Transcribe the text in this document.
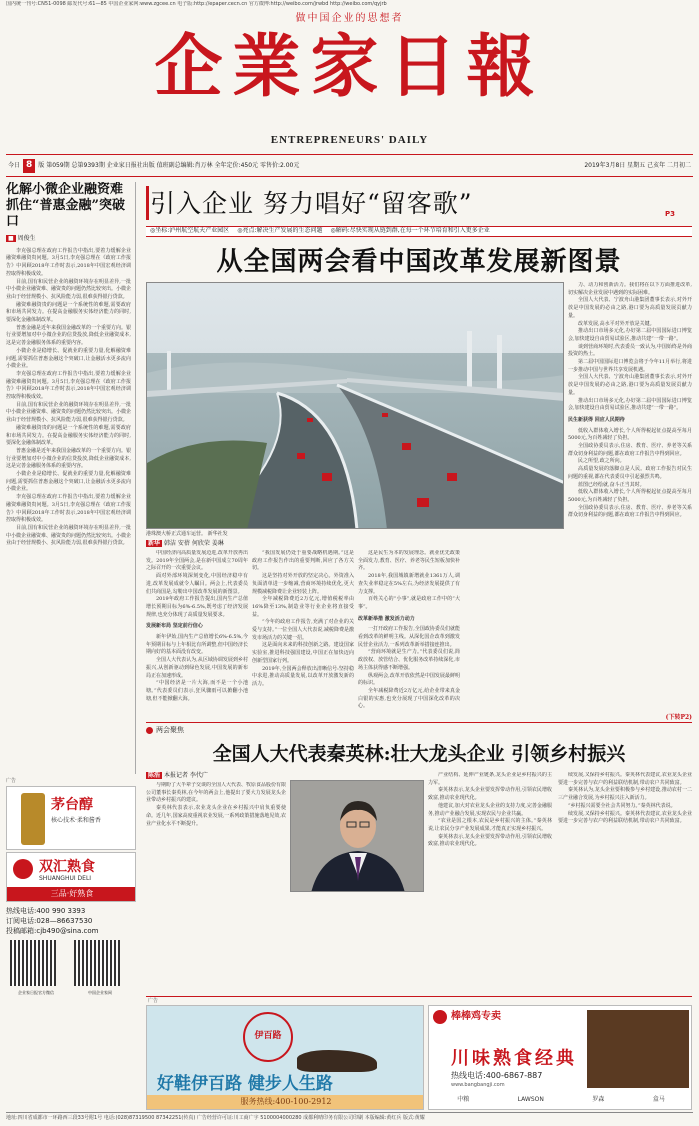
国内统一刊号:CN51-0098 邮发代号:61—85 中国企业家网:www.zgcee.cn 电子版:http://epaper.cecn.cn 官方微博:http://weibo.com/jrwbd http://weibo.com/qyjrb
做中国企业的思想者
企業家日報
ENTREPRENEURS' DAILY
今日 8	版 第059期 总第9393期 企业家日报社出版 值班副总编辑:肖万林 全年定价:450元 零售价:2.00元	2019年3月8日 星期五 己亥年 二月初二
化解小微企业融资难 抓住“普惠金融”突破口
■ 周俊生

李克强总理在政府工作报告中指出,要着力缓解企业融资难融资贵问题。3月5日,李克强总理在《政府工作报告》中回顾2018年工作时表示,2018年中国宏观经济调控取得积极成效。

目前,国有和民营企业的融资环境存在明显差异,一批中小微企业融资难、融资贵的问题仍然比较突出。小微企业由于经营规模小、抗风险能力弱,很难获得银行贷款。

融资难融资贵的问题是一个系统性的难题,需要政府和市场共同发力。在提高金融服务实体经济能力的同时,要深化金融体制改革。

普惠金融是近年来我国金融改革的一个重要方向。银行业要增加对中小微企业的信贷投放,降低企业融资成本,这是完善金融服务体系的重要内容。

小微企业是稳增长、促就业的重要力量,化解融资难问题,需要抓住普惠金融这个突破口,让金融活水更多流向小微企业。

李克强总理在政府工作报告中指出,要着力缓解企业融资难融资贵问题。3月5日,李克强总理在《政府工作报告》中回顾2018年工作时表示,2018年中国宏观经济调控取得积极成效。

目前,国有和民营企业的融资环境存在明显差异,一批中小微企业融资难、融资贵的问题仍然比较突出。小微企业由于经营规模小、抗风险能力弱,很难获得银行贷款。

融资难融资贵的问题是一个系统性的难题,需要政府和市场共同发力。在提高金融服务实体经济能力的同时,要深化金融体制改革。

普惠金融是近年来我国金融改革的一个重要方向。银行业要增加对中小微企业的信贷投放,降低企业融资成本,这是完善金融服务体系的重要内容。

小微企业是稳增长、促就业的重要力量,化解融资难问题,需要抓住普惠金融这个突破口,让金融活水更多流向小微企业。

李克强总理在政府工作报告中指出,要着力缓解企业融资难融资贵问题。3月5日,李克强总理在《政府工作报告》中回顾2018年工作时表示,2018年中国宏观经济调控取得积极成效。

目前,国有和民营企业的融资环境存在明显差异,一批中小微企业融资难、融资贵的问题仍然比较突出。小微企业由于经营规模小、抗风险能力弱,很难获得银行贷款。

引入企业 努力唱好“留客歌”	P3
◎坐标:泸州航空航天产业园区 ◎亮点:解决生产发展的生态问题 ◎解码:尽快实现从链到群,在每一个环节培育和引入更多企业
从全国两会看中国改革发展新图景
港珠澳大桥正式通车运营。 新华社发
新华 韩洁 安蓓 何欣荣 姜琳

中国经济向高质量发展迈进,改革开放再出发。2019年全国两会,是在新中国成立70周年之际召开的一次重要会议。

面对外部环境深刻变化,中国经济稳中有进,改革发展成就令人瞩目。两会上,代表委员们共商国是,勾勒出中国改革发展的新图景。

2019年政府工作报告提出,国内生产总值增长预期目标为6%-6.5%,既考虑了经济发展规律,也充分体现了高质量发展要求。

发展新布局 坚定前行信心

新年伊始,国内生产总值增长6%-6.5%,今年预期目标与上年相比有所调整,但中国经济长期向好的基本面没有改变。

全国人大代表认为,从区域协调发展到乡村振兴,从创新驱动到绿色发展,中国发展的新布局正在加速形成。

“中国经济是一片大海,而不是一个小池塘。”代表委员们表示,狂风骤雨可以掀翻小池塘,但不能掀翻大海。

“我国发展仍处于重要战略机遇期。”这是政府工作报告作出的重要判断,回应了各方关切。

这是坚持对外开放的坚定决心。外资准入负面清单进一步缩减,营商环境持续优化,更大规模减税降费让企业轻装上阵。

全年减税降费近2万亿元,增值税税率由16%降至13%,制造业等行业企业将直接受益。

“今年的政府工作报告,充满了对企业的关爱与支持。”一位全国人大代表说,减税降费是激发市场活力的关键一招。

这是面向未来的科技创新之路。建设国家实验室,推进科技强国建设,中国正在加快迈向创新型国家行列。

2019年,全国两会释放出清晰信号:坚持稳中求进,推动高质量发展,以改革开放激发新的活力。

这是民生为本的发展理念。就业优先政策全面发力,教育、医疗、养老等民生短板加快补齐。

2018年,我国城镇新增就业1361万人,调查失业率稳定在5%左右,为经济发展提供了有力支撑。

百姓关心的“小事”,就是政府工作中的“大事”。

改革新举措 激发活力动力

一打开政府工作报告,全国政协委员们就能看到改革的鲜明主线。从深化国企改革到激发民营企业活力,一系列改革新举措接连推出。

“营商环境就是生产力。”代表委员们说,简政放权、放管结合、优化服务改革持续深化,市场主体获得感不断增强。

纵观两会,改革开放依然是中国发展最鲜明的标识。

全年减税降费近2万亿元,给企业带来真金白银的实惠,也充分展现了中国深化改革的决心。

力、动力和创新活力。我们将在以下方面推进改革,切实解决企业发展中遇到的实际困难。

全国人大代表、宁波舟山港集团董事长表示,对外开放是中国发展的必由之路,港口要为高质量发展贡献力量。

改革发展,高水平对外开放是关键。

推动出口市场多元化,办好第二届中国国际进口博览会,加快建设自由贸易试验区,推动共建“一带一路”。

谈到营商环境时,代表委员一致认为,中国始终是外商投资的热土。

第二届中国国际进口博览会将于今年11月举行,将进一步推动中国与世界共享发展机遇。

全国人大代表、宁波舟山港集团董事长表示,对外开放是中国发展的必由之路,港口要为高质量发展贡献力量。

推动出口市场多元化,办好第二届中国国际进口博览会,加快建设自由贸易试验区,推动共建“一带一路”。

民生新获得 回应人民期待

低收入群体收入增长,个人所得税起征点提高至每月5000元,为百姓减轻了负担。

全国政协委员表示,住房、教育、医疗、养老等关系群众切身利益的问题,都在政府工作报告中得到回应。

民之所望,政之所向。

高质量发展的落脚点是人民。政府工作报告对民生问题的重视,都在代表委员中引起强烈共鸣。

蓝图已经绘就,奋斗正当其时。

低收入群体收入增长,个人所得税起征点提高至每月5000元,为百姓减轻了负担。

全国政协委员表示,住房、教育、医疗、养老等关系群众切身利益的问题,都在政府工作报告中得到回应。

(下转P2)
两会聚焦
全国人大代表秦英林:壮大龙头企业 引领乡村振兴
陈浩 本报记者 李代广

与期盼了大半辈子交谈的全国人大代表、牧原食品股份有限公司董事长秦英林,在今年的两会上,他提出了要大力发展龙头企业带动乡村振兴的建议。

秦英林代表表示,农业龙头企业在乡村振兴中肩负重要使命。近几年,国家高度重视农业发展,一系列政策措施落地见效,农业产业化水平不断提升。

产业结构、延伸产业链条,龙头企业是乡村振兴的主力军。

秦英林表示,龙头企业要发挥带动作用,引领农民增收致富,推动农业现代化。

他建议,加大对农业龙头企业的支持力度,完善金融服务,推动产业融合发展,实现农民与企业共赢。

“农业是国之根本,农民是乡村振兴的主体。”秦英林说,让农民分享产业发展成果,才能真正实现乡村振兴。

秦英林表示,龙头企业要发挥带动作用,引领农民增收致富,推动农业现代化。

续发展,又保持乡村振兴。秦英林代表建议,农业龙头企业要进一步完善与农户的利益联结机制,带动农户共同致富。

秦英林认为,龙头企业要积极参与乡村建设,推动农村一二三产业融合发展,为乡村振兴注入新活力。

“乡村振兴需要全社会共同努力。”秦英林代表说。

续发展,又保持乡村振兴。秦英林代表建议,农业龙头企业要进一步完善与农户的利益联结机制,带动农户共同致富。

广告
茅台醇
核心技术·柔和酱香
双汇熟食
SHUANGHUI DELI
三品·好熟食
热线电话:400 990 3393
订阅电话:028—86637530
投稿邮箱:cjb490@sina.com
企业家日报官方微信	中国企业家网
广告
伊百路
好鞋伊百路 健步人生路
服务热线:400-100-2912
棒棒鸡专卖
川味熟食经典
热线电话:400-6867-887
www.bangbangji.com
中粮	LAWSON	罗森	盒马
地址:四川省成都市一环路西三段33号附1号 电话:(028)87319500 87342251(传真) 广告经营许可证:川工商广字 5100004000280 成都利晴印务有限公司印刷 本版编辑:黄红兵 版式:黄耀
